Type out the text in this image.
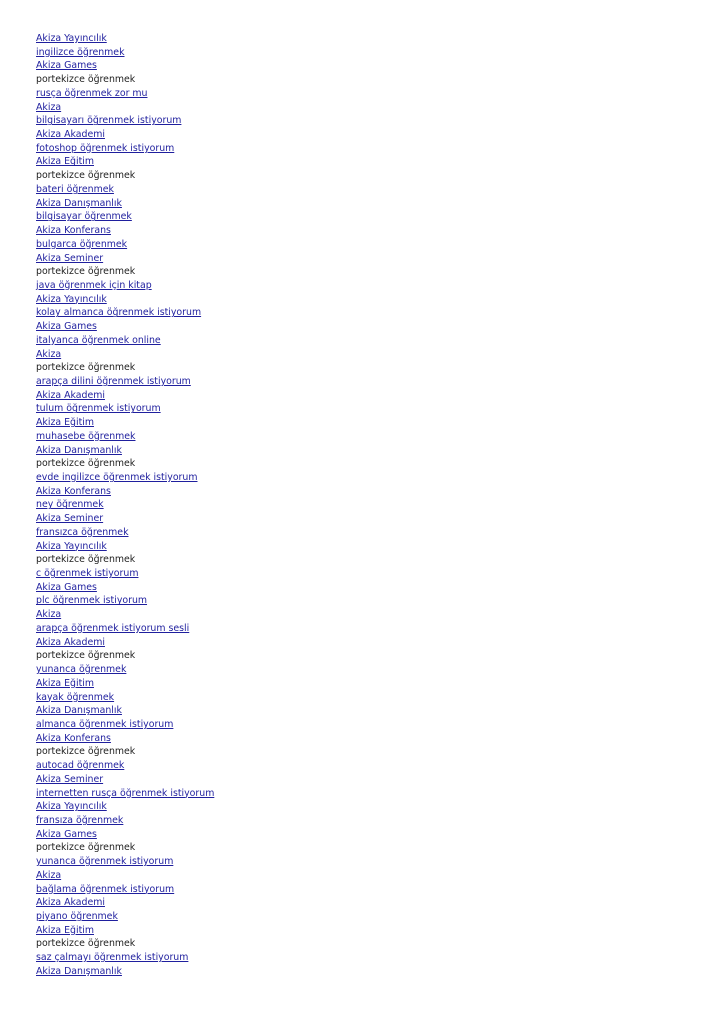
Akiza Yayıncılık
ingilizce öğrenmek
Akiza Games
portekizce öğrenmek
rusça öğrenmek zor mu
Akiza
bilgisayarı öğrenmek istiyorum
Akiza Akademi
fotoshop öğrenmek istiyorum
Akiza Eğitim
portekizce öğrenmek
bateri öğrenmek
Akiza Danışmanlık
bilgisayar öğrenmek
Akiza Konferans
bulgarca öğrenmek
Akiza Seminer
portekizce öğrenmek
java öğrenmek için kitap
Akiza Yayıncılık
kolay almanca öğrenmek istiyorum
Akiza Games
italyanca öğrenmek online
Akiza
portekizce öğrenmek
arapça dilini öğrenmek istiyorum
Akiza Akademi
tulum öğrenmek istiyorum
Akiza Eğitim
muhasebe öğrenmek
Akiza Danışmanlık
portekizce öğrenmek
evde ingilizce öğrenmek istiyorum
Akiza Konferans
ney öğrenmek
Akiza Seminer
fransızca öğrenmek
Akiza Yayıncılık
portekizce öğrenmek
c öğrenmek istiyorum
Akiza Games
plc öğrenmek istiyorum
Akiza
arapça öğrenmek istiyorum sesli
Akiza Akademi
portekizce öğrenmek
yunanca öğrenmek
Akiza Eğitim
kayak öğrenmek
Akiza Danışmanlık
almanca öğrenmek istiyorum
Akiza Konferans
portekizce öğrenmek
autocad öğrenmek
Akiza Seminer
internetten rusça öğrenmek istiyorum
Akiza Yayıncılık
fransıza öğrenmek
Akiza Games
portekizce öğrenmek
yunanca öğrenmek istiyorum
Akiza
bağlama öğrenmek istiyorum
Akiza Akademi
piyano öğrenmek
Akiza Eğitim
portekizce öğrenmek
saz çalmayı öğrenmek istiyorum
Akiza Danışmanlık
